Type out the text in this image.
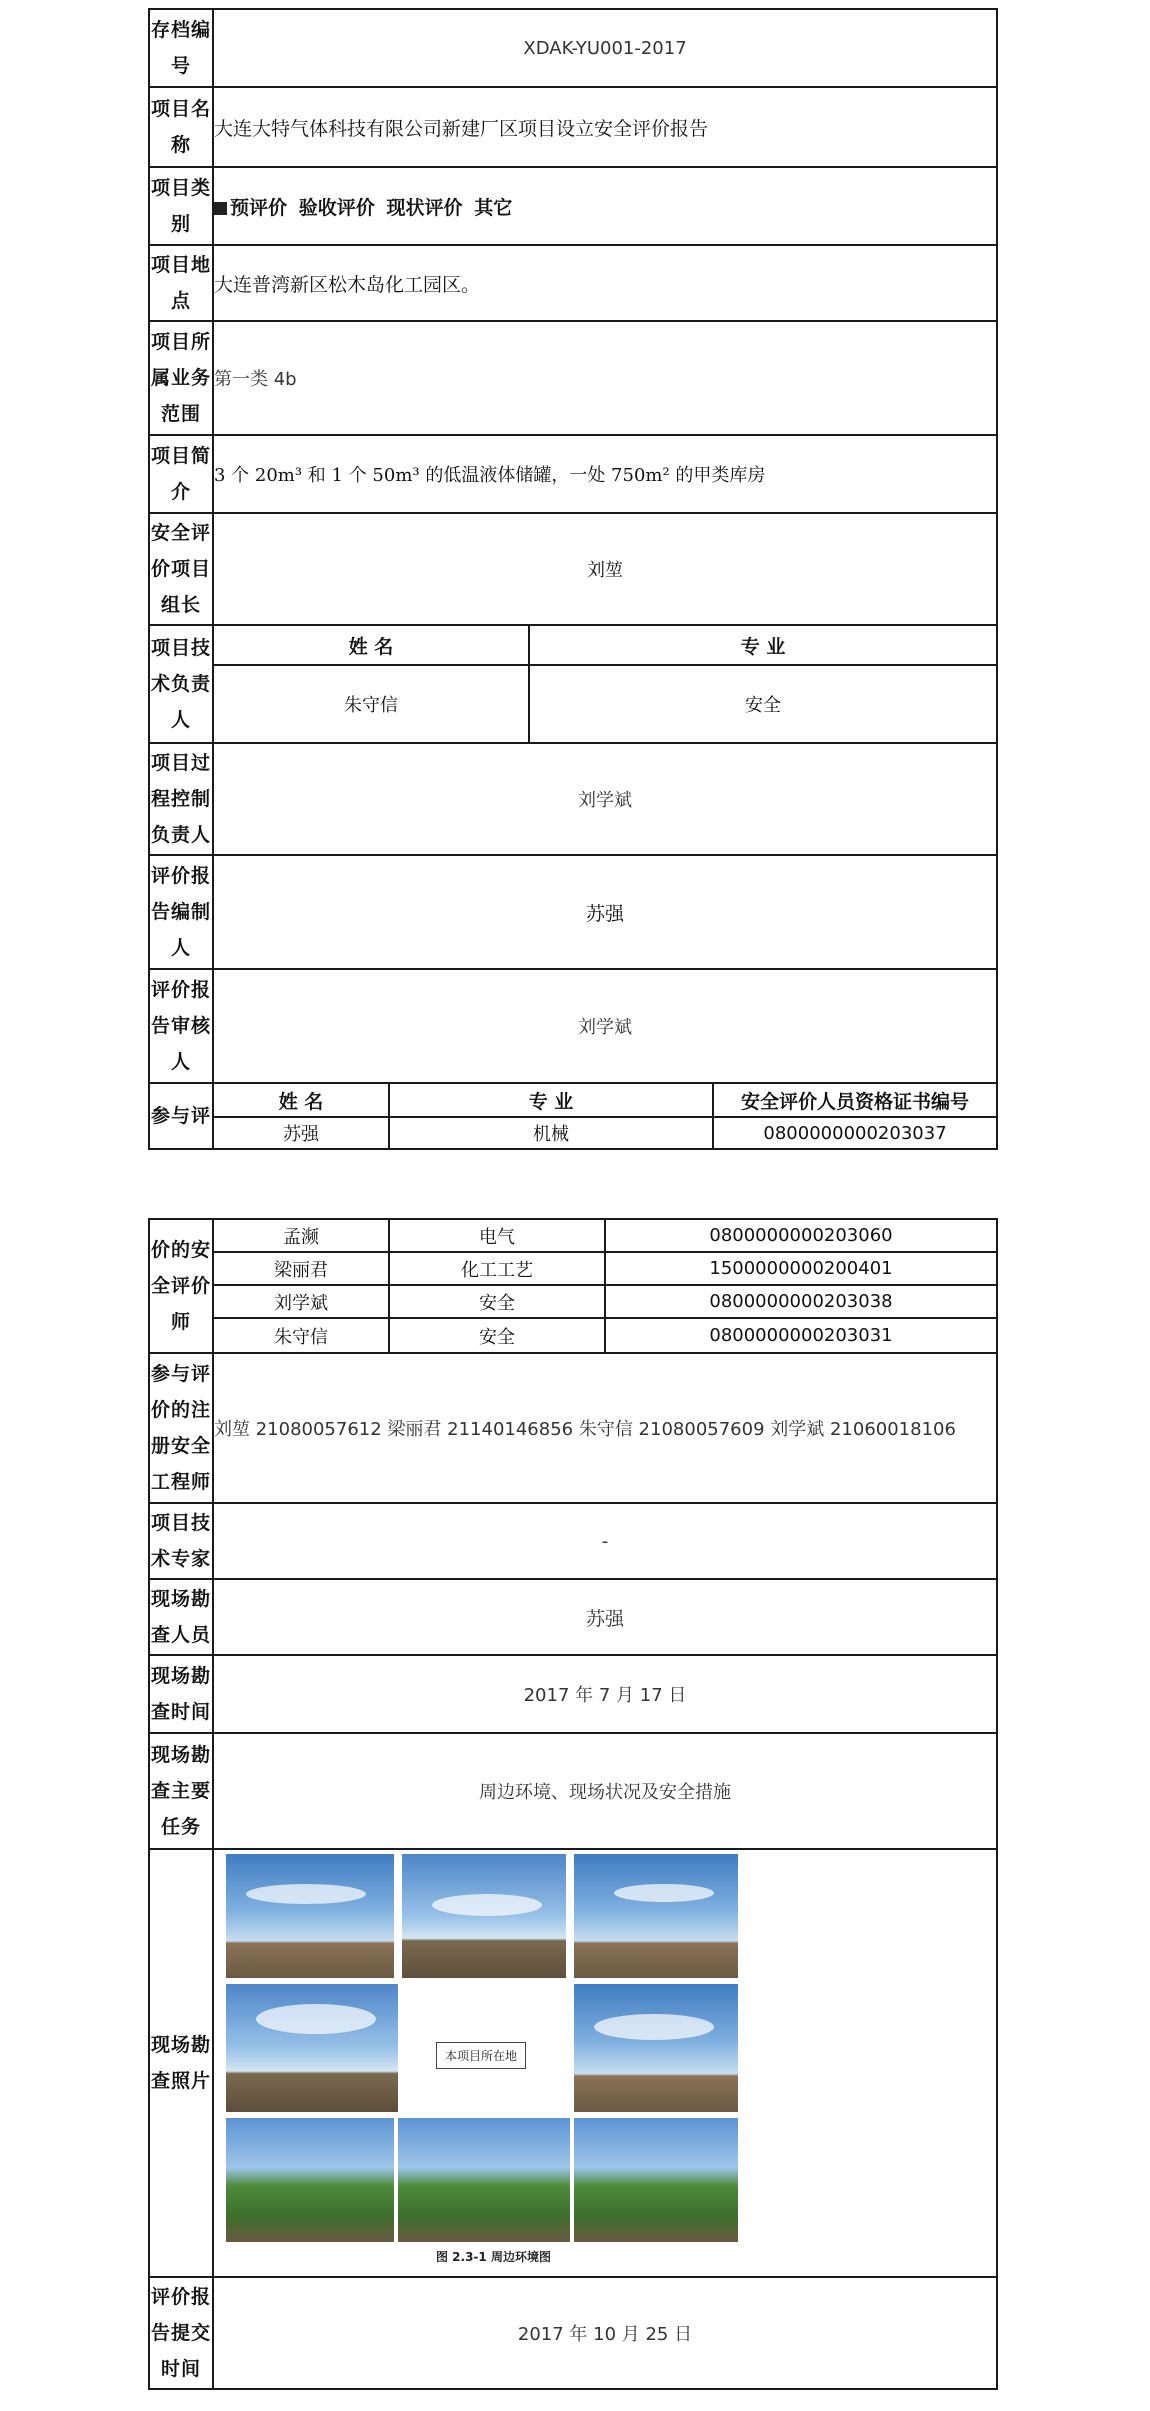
存档编号	XDAK-YU001-2017			
项目名称	大连大特气体科技有限公司新建厂区项目设立安全评价报告			
项目类别	预评价 验收评价 现状评价 其它			
项目地点	大连普湾新区松木岛化工园区。			
项目所属业务范围	第一类 4b			
项目简介	3 个 20m³ 和 1 个 50m³ 的低温液体储罐，一处 750m² 的甲类库房			
安全评价项目组长	刘堃			
项目技术负责人	姓 名		专 业	
	朱守信		安全	
项目过程控制负责人	刘学斌			
评价报告编制人	苏强			
评价报告审核人	刘学斌			
参与评	姓 名	专 业		安全评价人员资格证书编号
	苏强	机械		0800000000203037
价的安全评价师	孟濒	电气	0800000000203060
	梁丽君	化工工艺	1500000000200401
	刘学斌	安全	0800000000203038
	朱守信	安全	0800000000203031
参与评价的注册安全工程师	刘堃 21080057612 梁丽君 21140146856 朱守信 21080057609 刘学斌 21060018106		
项目技术专家	-		
现场勘查人员	苏强		
现场勘查时间	2017 年 7 月 17 日		
现场勘查主要任务	周边环境、现场状况及安全措施		
现场勘查照片	本项目所在地
图 2.3-1 周边环境图		

评价报告提交时间	2017 年 10 月 25 日		
